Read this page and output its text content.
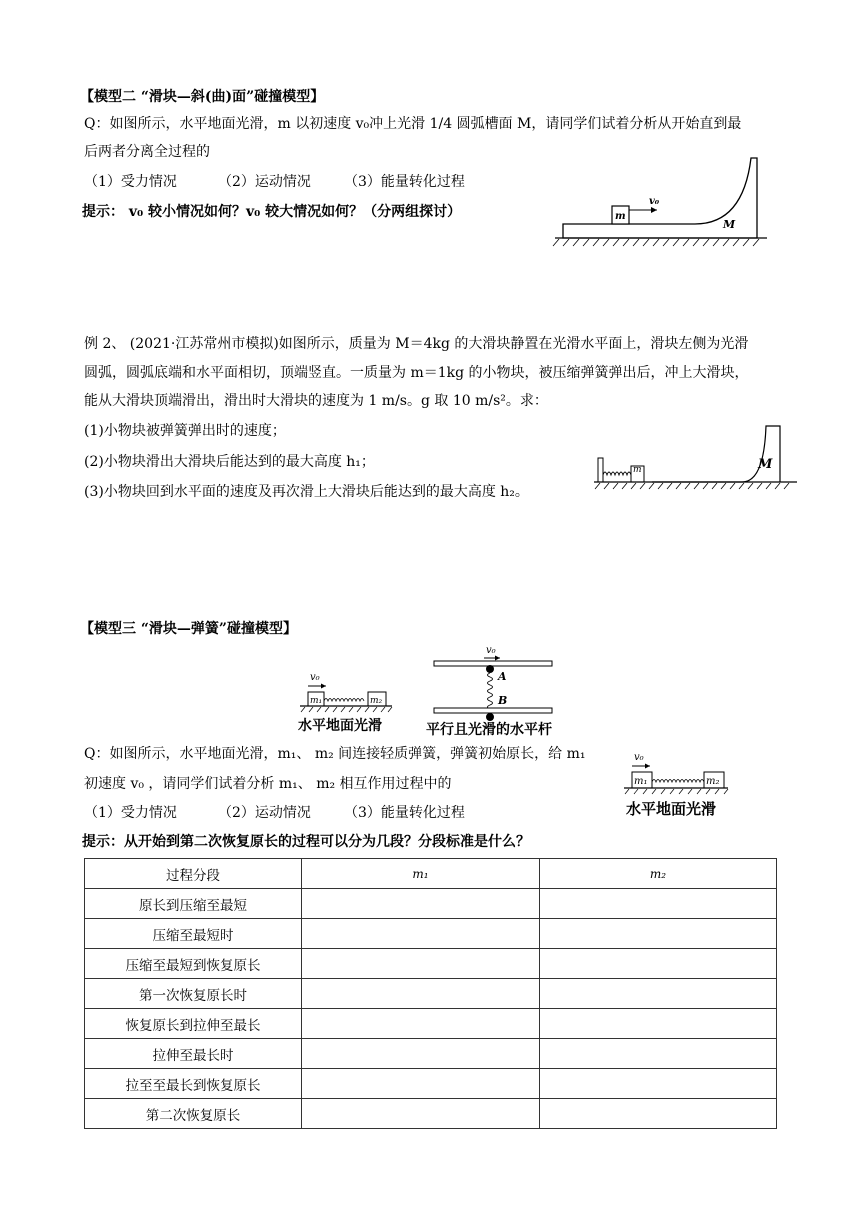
【模型二 “滑块—斜(曲)面”碰撞模型】
Q：如图所示，水平地面光滑，m 以初速度 v₀冲上光滑 1/4 圆弧槽面 M，请同学们试着分析从开始直到最
后两者分离全过程的
（1）受力情况	（2）运动情况 （3）能量转化过程
提示： v₀ 较小情况如何？v₀ 较大情况如何？（分两组探讨）	m
v₀
M
例 2、 (2021·江苏常州市模拟)如图所示，质量为 M＝4kg 的大滑块静置在光滑水平面上，滑块左侧为光滑
圆弧，圆弧底端和水平面相切，顶端竖直。一质量为 m＝1kg 的小物块，被压缩弹簧弹出后，冲上大滑块，
能从大滑块顶端滑出，滑出时大滑块的速度为 1 m/s。g 取 10 m/s²。求：
(1)小物块被弹簧弹出时的速度；
(2)小物块滑出大滑块后能达到的最大高度 h₁；
(3)小物块回到水平面的速度及再次滑上大滑块后能达到的最大高度 h₂。
m	M
【模型三 “滑块—弹簧”碰撞模型】
v₀
m₁	m₂
水平地面光滑
v₀
A
B
平行且光滑的水平杆
Q：如图所示，水平地面光滑，m₁、 m₂ 间连接轻质弹簧，弹簧初始原长，给 m₁
初速度 v₀ ，请同学们试着分析 m₁、 m₂ 相互作用过程中的
（1）受力情况	（2）运动情况 （3）能量转化过程
v₀
m₁	m₂
水平地面光滑
提示：从开始到第二次恢复原长的过程可以分为几段？分段标准是什么？
过程分段	m₁	m₂
原长到压缩至最短		
压缩至最短时		
压缩至最短到恢复原长		
第一次恢复原长时		
恢复原长到拉伸至最长		
拉伸至最长时		
拉至至最长到恢复原长		
第二次恢复原长		
